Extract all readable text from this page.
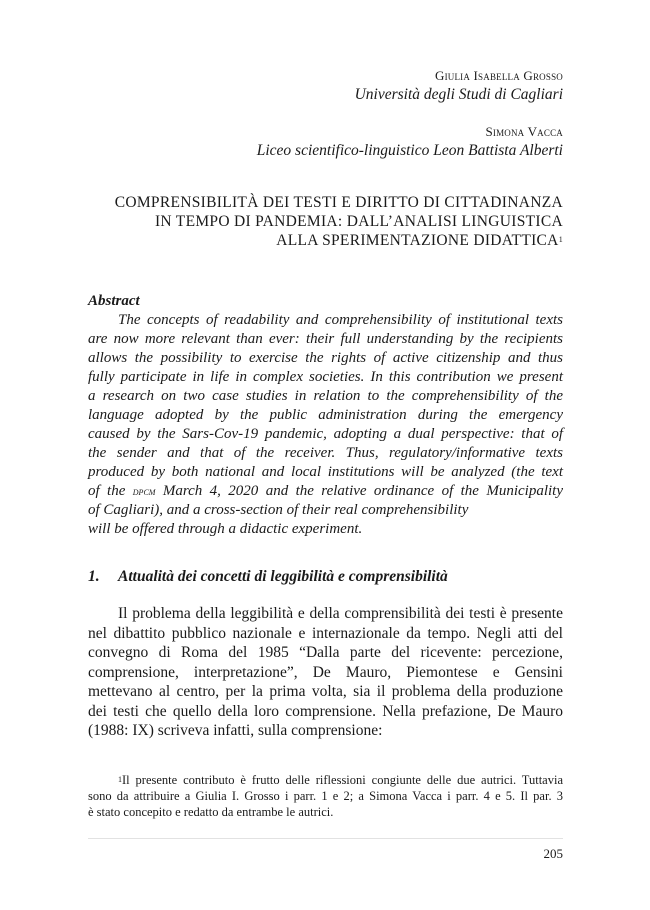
Giulia Isabella Grosso
Università degli Studi di Cagliari
Simona Vacca
Liceo scientifico-linguistico Leon Battista Alberti
COMPRENSIBILITÀ DEI TESTI E DIRITTO DI CITTADINANZA
IN TEMPO DI PANDEMIA: DALL’ANALISI LINGUISTICA
ALLA SPERIMENTAZIONE DIDATTICA$^1$
Abstract
The concepts of readability and comprehensibility of institutional texts
are now more relevant than ever: their full understanding by the recipients
allows the possibility to exercise the rights of active citizenship and thus
fully participate in life in complex societies. In this contribution we present
a research on two case studies in relation to the comprehensibility of the
language adopted by the public administration during the emergency
caused by the Sars-Cov-19 pandemic, adopting a dual perspective: that of
the sender and that of the receiver. Thus, regulatory/informative texts
produced by both national and local institutions will be analyzed (the text
of the dpcm March 4, 2020 and the relative ordinance of the Municipality
of Cagliari), and a cross-section of their real comprehensibility
will be offered through a didactic experiment.
1. Attualità dei concetti di leggibilità e comprensibilità
Il problema della leggibilità e della comprensibilità dei testi è presente
nel dibattito pubblico nazionale e internazionale da tempo. Negli atti del
convegno di Roma del 1985 “Dalla parte del ricevente: percezione,
comprensione, interpretazione”, De Mauro, Piemontese e Gensini
mettevano al centro, per la prima volta, sia il problema della produzione
dei testi che quello della loro comprensione. Nella prefazione, De Mauro
(1988: IX) scriveva infatti, sulla comprensione:
$^1$Il presente contributo è frutto delle riflessioni congiunte delle due autrici. Tuttavia
sono da attribuire a Giulia I. Grosso i parr. 1 e 2; a Simona Vacca i parr. 4 e 5. Il par. 3
è stato concepito e redatto da entrambe le autrici.
205
